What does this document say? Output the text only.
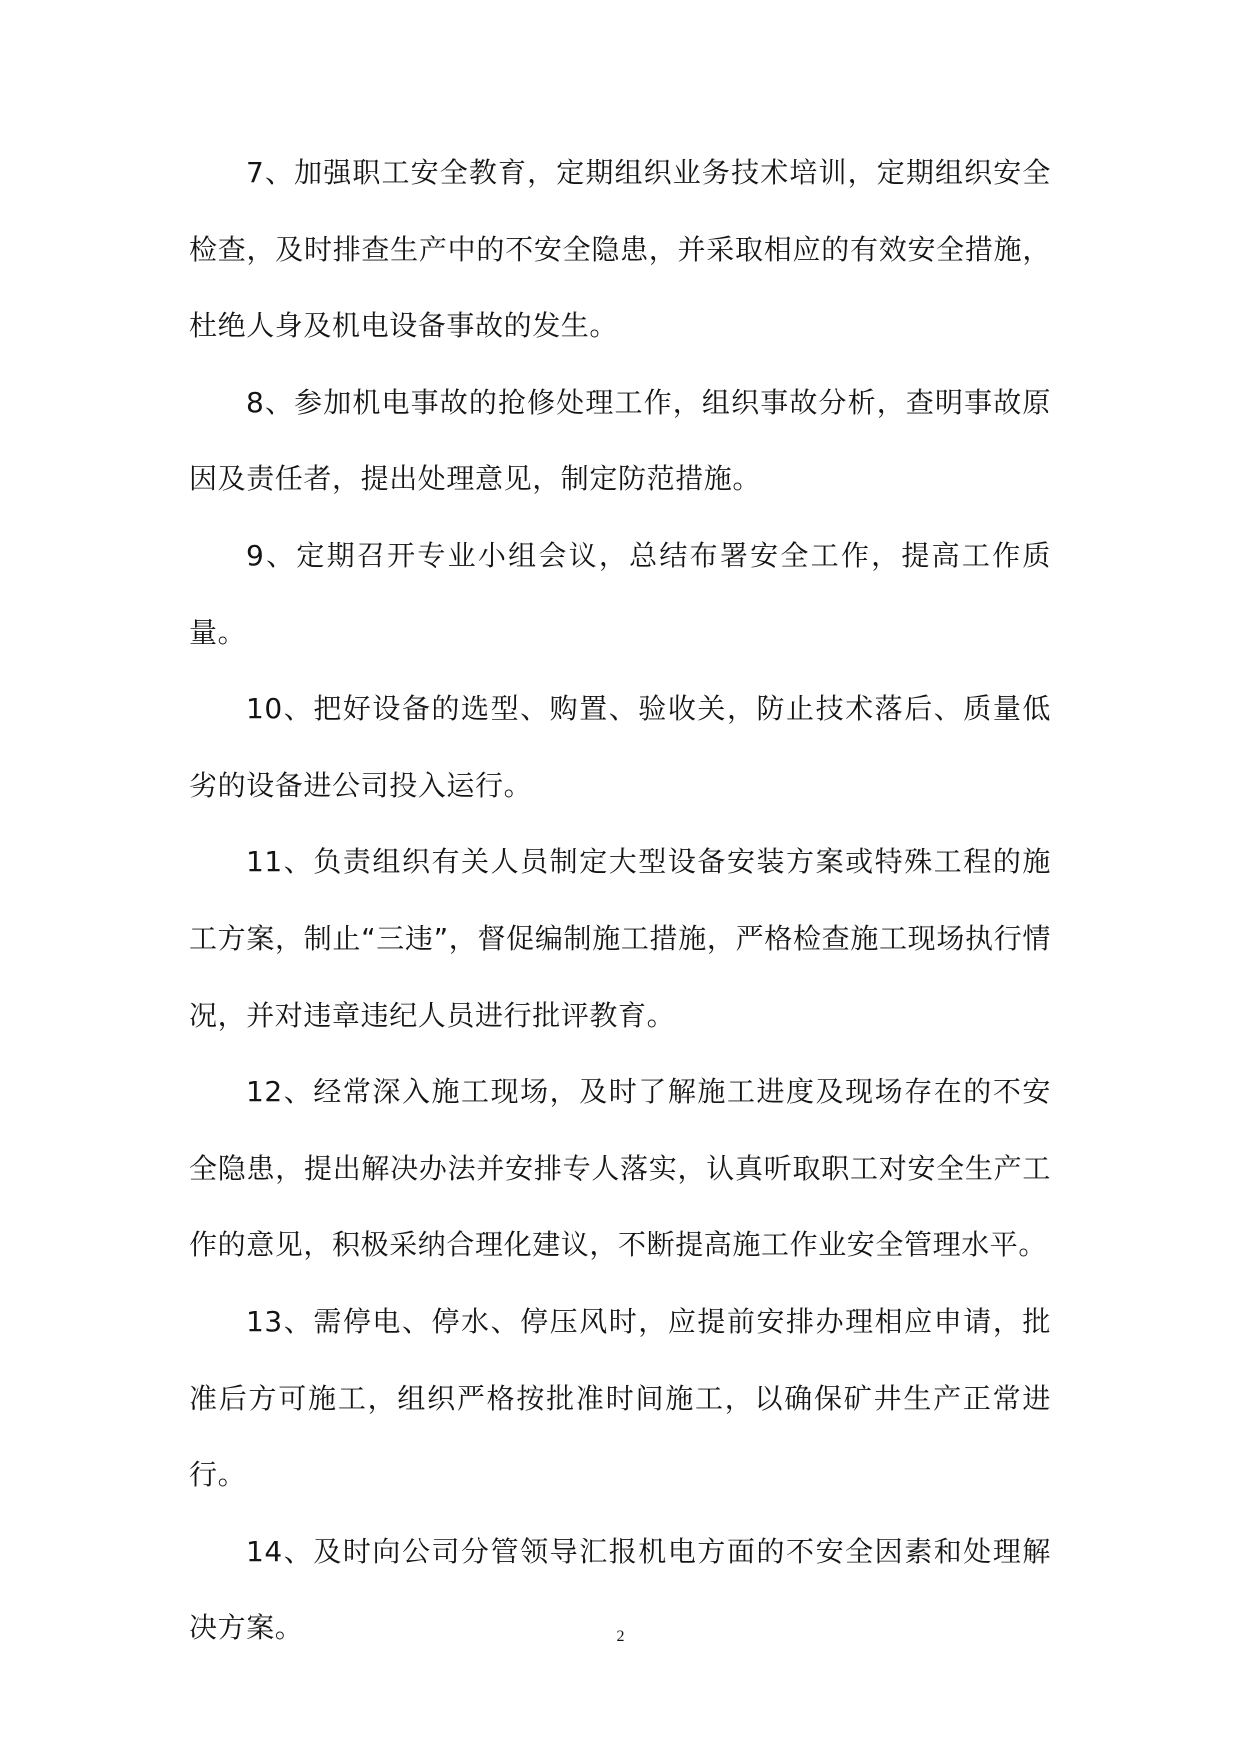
7、加强职工安全教育，定期组织业务技术培训，定期组织安全检查，及时排查生产中的不安全隐患，并采取相应的有效安全措施，杜绝人身及机电设备事故的发生。

8、参加机电事故的抢修处理工作，组织事故分析，查明事故原因及责任者，提出处理意见，制定防范措施。

9、定期召开专业小组会议，总结布署安全工作，提高工作质量。

10、把好设备的选型、购置、验收关，防止技术落后、质量低劣的设备进公司投入运行。

11、负责组织有关人员制定大型设备安装方案或特殊工程的施工方案，制止“三违”，督促编制施工措施，严格检查施工现场执行情况，并对违章违纪人员进行批评教育。

12、经常深入施工现场，及时了解施工进度及现场存在的不安全隐患，提出解决办法并安排专人落实，认真听取职工对安全生产工作的意见，积极采纳合理化建议，不断提高施工作业安全管理水平。

13、需停电、停水、停压风时，应提前安排办理相应申请，批准后方可施工，组织严格按批准时间施工，以确保矿井生产正常进行。

14、及时向公司分管领导汇报机电方面的不安全因素和处理解决方案。	2
